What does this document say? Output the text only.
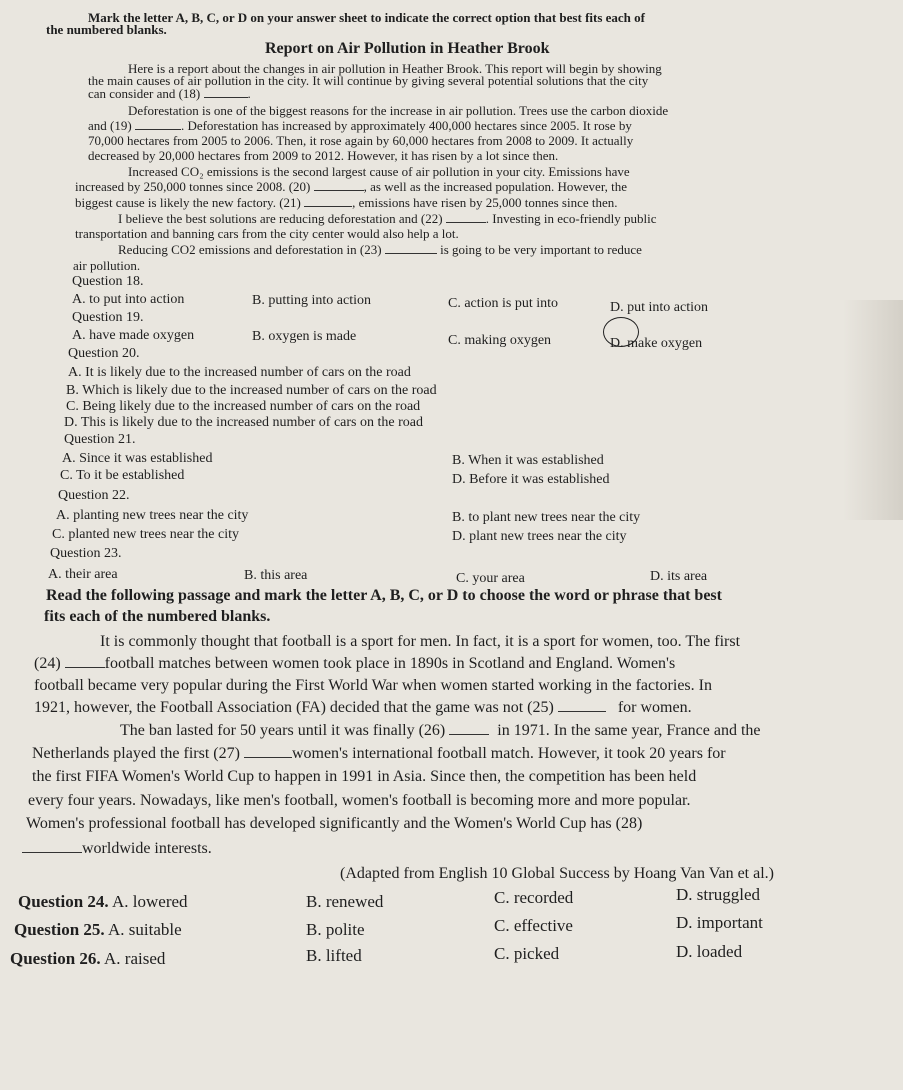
Mark the letter A, B, C, or D on your answer sheet to indicate the correct option that best fits each of
the numbered blanks.
Report on Air Pollution in Heather Brook
Here is a report about the changes in air pollution in Heather Brook. This report will begin by showing
the main causes of air pollution in the city. It will continue by giving several potential solutions that the city
can consider and (18)	.
Deforestation is one of the biggest reasons for the increase in air pollution. Trees use the carbon dioxide
and (19)	. Deforestation has increased by approximately 400,000 hectares since 2005. It rose by
70,000 hectares from 2005 to 2006. Then, it rose again by 60,000 hectares from 2008 to 2009. It actually
decreased by 20,000 hectares from 2009 to 2012. However, it has risen by a lot since then.
Increased CO₂ emissions is the second largest cause of air pollution in your city. Emissions have
increased by 250,000 tonnes since 2008. (20)	, as well as the increased population. However, the
biggest cause is likely the new factory. (21)	, emissions have risen by 25,000 tonnes since then.
I believe the best solutions are reducing deforestation and (22)	. Investing in eco-friendly public
transportation and banning cars from the city center would also help a lot.
Reducing CO2 emissions and deforestation in (23)	is going to be very important to reduce
air pollution.
Question 18.
A. to put into action	B. putting into action	C. action is put into	D. put into action
Question 19.
A. have made oxygen	B. oxygen is made	C. making oxygen	D. make oxygen
Question 20.
A. It is likely due to the increased number of cars on the road
B. Which is likely due to the increased number of cars on the road
C. Being likely due to the increased number of cars on the road
D. This is likely due to the increased number of cars on the road
Question 21.
A. Since it was established	B. When it was established
C. To it be established	D. Before it was established
Question 22.
A. planting new trees near the city	B. to plant new trees near the city
C. planted new trees near the city	D. plant new trees near the city
Question 23.
A. their area	B. this area	C. your area	D. its area
Read the following passage and mark the letter A, B, C, or D to choose the word or phrase that best
fits each of the numbered blanks.
It is commonly thought that football is a sport for men. In fact, it is a sport for women, too. The first
(24)	football matches between women took place in 1890s in Scotland and England. Women's
football became very popular during the First World War when women started working in the factories. In
1921, however, the Football Association (FA) decided that the game was not (25)	for women.
The ban lasted for 50 years until it was finally (26)	in 1971. In the same year, France and the
Netherlands played the first (27)	women's international football match. However, it took 20 years for
the first FIFA Women's World Cup to happen in 1991 in Asia. Since then, the competition has been held
every four years. Nowadays, like men's football, women's football is becoming more and more popular.
Women's professional football has developed significantly and the Women's World Cup has (28)
worldwide interests.
(Adapted from English 10 Global Success by Hoang Van Van et al.)
Question 24. A. lowered	B. renewed	C. recorded	D. struggled
Question 25. A. suitable	B. polite	C. effective	D. important
Question 26. A. raised	B. lifted	C. picked	D. loaded
